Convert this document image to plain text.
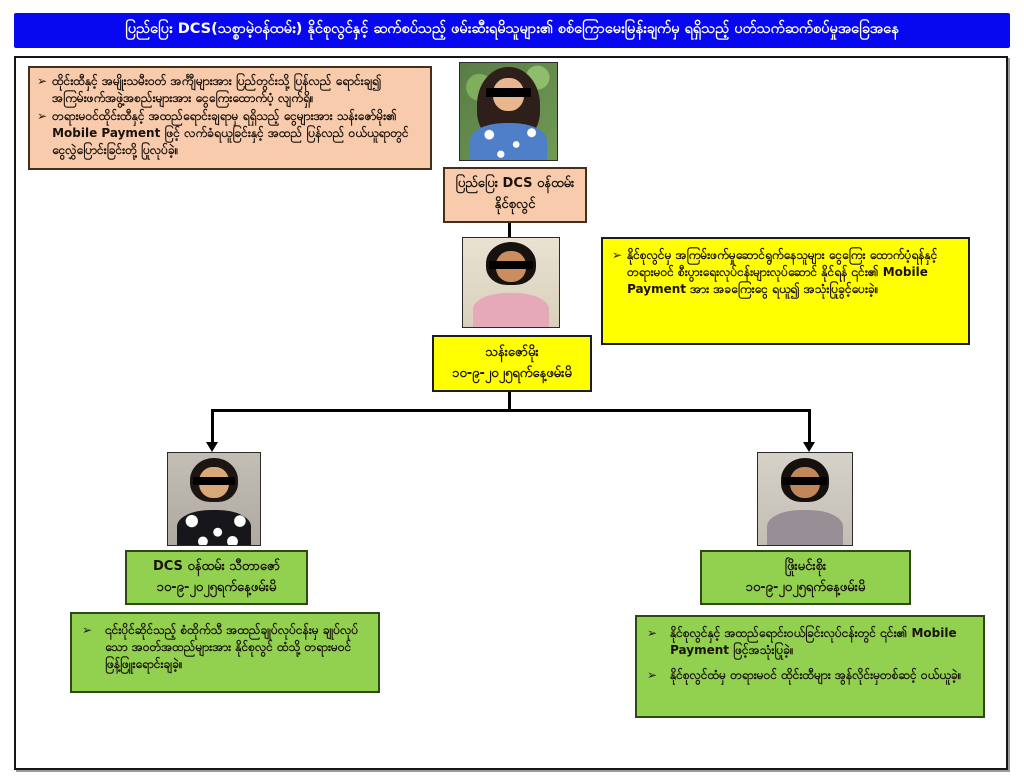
ပြည်ပြေး DCS(သစ္စာမဲ့ဝန်ထမ်း) နိုင်စုလွင်နှင့် ဆက်စပ်သည့် ဖမ်းဆီးရမိသူများ၏ စစ်ကြောမေးမြန်းချက်မှ ရရှိသည့် ပတ်သက်ဆက်စပ်မှုအခြေအနေ
➢ ထိုင်းထီနှင့် အမျိုးသမီးဝတ် အင်္ကျီများအား ပြည်တွင်းသို့ ပြန်လည် ရောင်းချ၍ အကြမ်းဖက်အဖွဲ့အစည်းများအား ငွေကြေးထောက်ပံ့ လျက်ရှိ။
➢ တရားမဝင်ထိုင်းထီနှင့် အထည်ရောင်းချရာမှ ရရှိသည့် ငွေများအား သန်းဇော်မိုး၏ Mobile Payment ဖြင့် လက်ခံရယူခြင်းနှင့် အထည် ပြန်လည် ဝယ်ယူရာတွင် ငွေလွှဲပြောင်းခြင်းတို့ ပြုလုပ်ခဲ့။
ပြည်ပြေး DCS ဝန်ထမ်း
နိုင်စုလွင်
➢ နိုင်စုလွင်မှ အကြမ်းဖက်မှုဆောင်ရွက်နေသူများ ငွေကြေး ထောက်ပံ့ရန်နှင့် တရားမဝင် စီးပွားရေးလုပ်ငန်းများလုပ်ဆောင် နိုင်ရန် ၎င်း၏ Mobile Payment အား အခကြေးငွေ ရယူ၍ အသုံးပြုခွင့်ပေးခဲ့။
သန်းဇော်မိုး
၁၀-၉-၂၀၂၅ရက်နေ့ဖမ်းမိ
DCS ဝန်ထမ်း သီတာဇော်
၁၀-၉-၂၀၂၅ရက်နေ့ဖမ်းမိ
➢ ၎င်းပိုင်ဆိုင်သည့် စံထိုက်သီ အထည်ချုပ်လုပ်ငန်းမှ ချုပ်လုပ်သော အဝတ်အထည်များအား နိုင်စုလွင် ထံသို့ တရားမဝင် ဖြန့်ဖြူးရောင်းချခဲ့။
ဖြိုးမင်းစိုး
၁၀-၉-၂၀၂၅ရက်နေ့ဖမ်းမိ
➢ နိုင်စုလွင်နှင့် အထည်ရောင်းဝယ်ခြင်းလုပ်ငန်းတွင် ၎င်း၏ Mobile Payment ဖြင့်အသုံးပြုခဲ့။
➢ နိုင်စုလွင်ထံမှ တရားမဝင် ထိုင်းထီများ အွန်လိုင်းမှတစ်ဆင့် ဝယ်ယူခဲ့။
